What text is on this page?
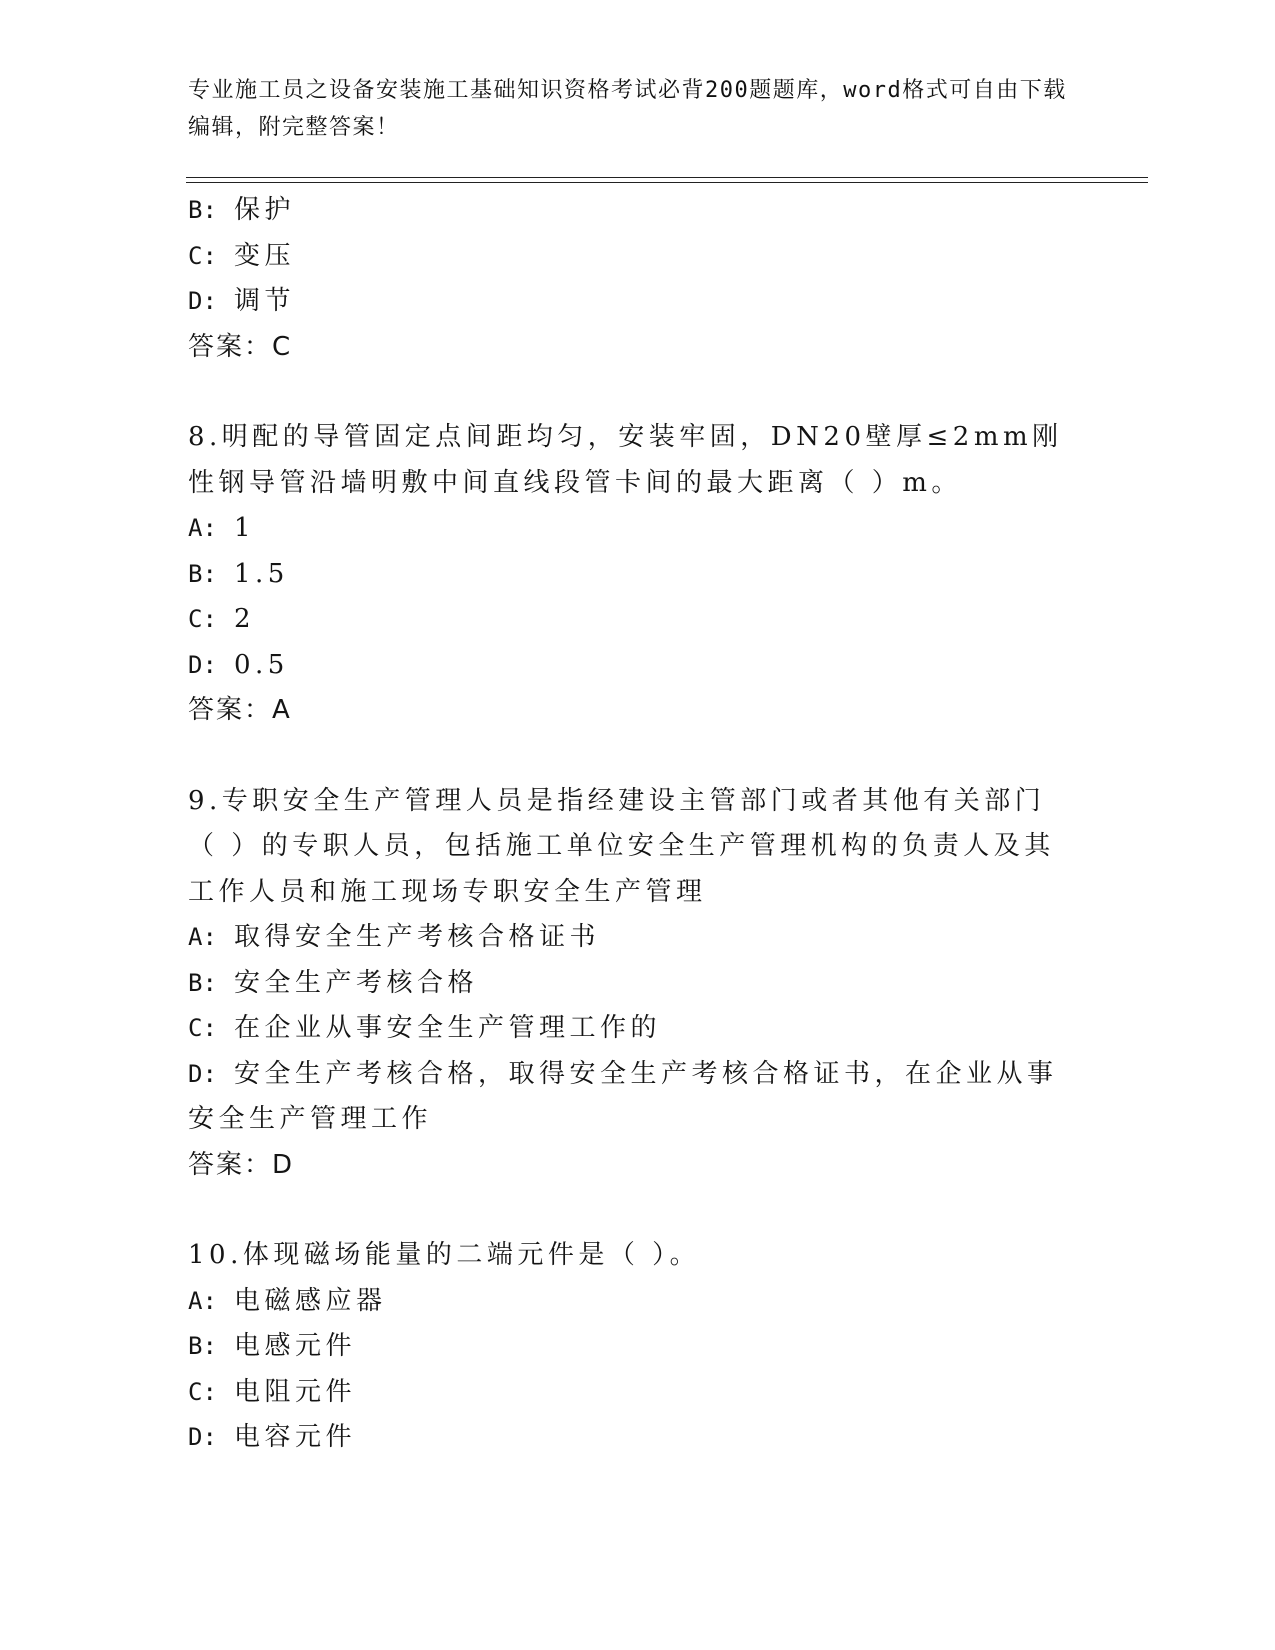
专业施工员之设备安装施工基础知识资格考试必背200题题库，word格式可自由下载编辑，附完整答案！
B: 保护
C: 变压
D: 调节
答案：C
8.明配的导管固定点间距均匀，安装牢固，DN20壁厚≤2mm刚性钢导管沿墙明敷中间直线段管卡间的最大距离（ ）m。
A: 1
B: 1.5
C: 2
D: 0.5
答案：A
9.专职安全生产管理人员是指经建设主管部门或者其他有关部门（ ）的专职人员，包括施工单位安全生产管理机构的负责人及其工作人员和施工现场专职安全生产管理
A: 取得安全生产考核合格证书
B: 安全生产考核合格
C: 在企业从事安全生产管理工作的
D: 安全生产考核合格，取得安全生产考核合格证书，在企业从事安全生产管理工作
答案：D
10.体现磁场能量的二端元件是（ ）。
A: 电磁感应器
B: 电感元件
C: 电阻元件
D: 电容元件
